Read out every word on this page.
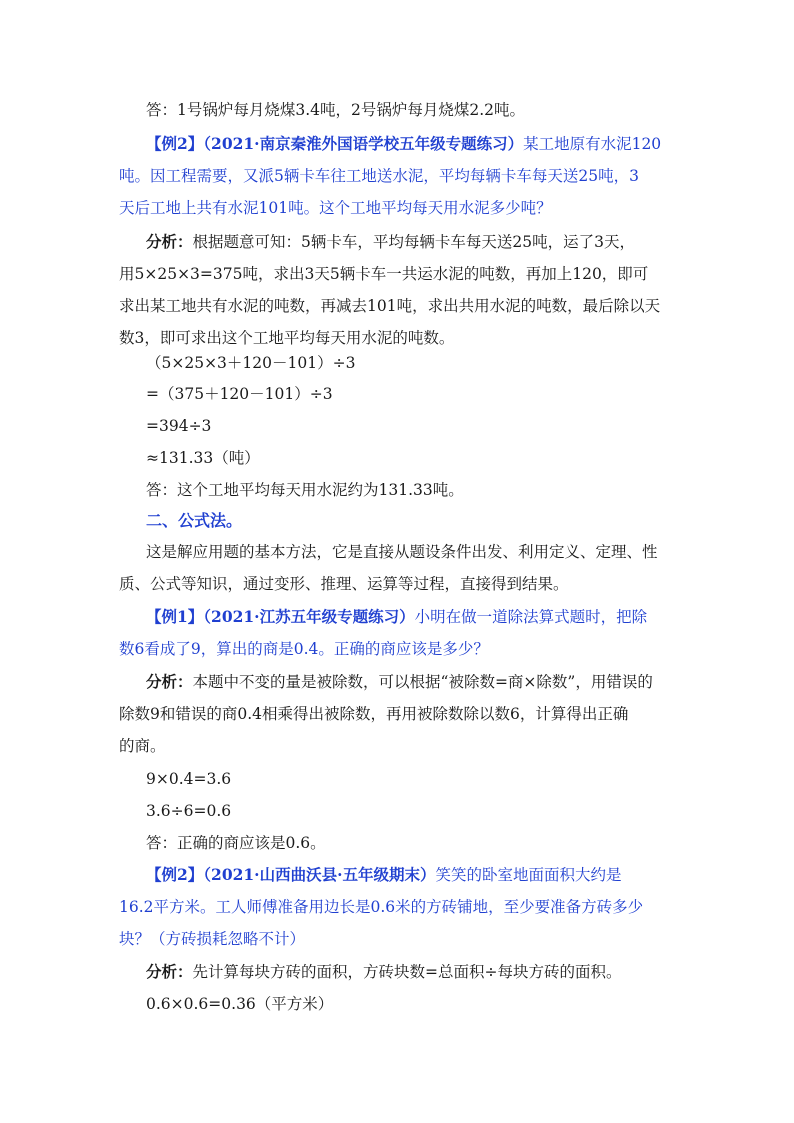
答：1号锅炉每月烧煤3.4吨，2号锅炉每月烧煤2.2吨。
【例2】（2021·南京秦淮外国语学校五年级专题练习）某工地原有水泥120
吨。因工程需要，又派5辆卡车往工地送水泥，平均每辆卡车每天送25吨，3
天后工地上共有水泥101吨。这个工地平均每天用水泥多少吨？
分析：根据题意可知：5辆卡车，平均每辆卡车每天送25吨，运了3天，
用5×25×3=375吨，求出3天5辆卡车一共运水泥的吨数，再加上120，即可
求出某工地共有水泥的吨数，再减去101吨，求出共用水泥的吨数，最后除以天
数3，即可求出这个工地平均每天用水泥的吨数。
（5×25×3＋120－101）÷3
=（375＋120－101）÷3
=394÷3
≈131.33（吨）
答：这个工地平均每天用水泥约为131.33吨。
二、公式法。
这是解应用题的基本方法，它是直接从题设条件出发、利用定义、定理、性
质、公式等知识，通过变形、推理、运算等过程，直接得到结果。
【例1】（2021·江苏五年级专题练习）小明在做一道除法算式题时，把除
数6看成了9，算出的商是0.4。正确的商应该是多少？
分析：本题中不变的量是被除数，可以根据“被除数=商×除数”，用错误的
除数9和错误的商0.4相乘得出被除数，再用被除数除以数6，计算得出正确
的商。
9×0.4=3.6
3.6÷6=0.6
答：正确的商应该是0.6。
【例2】（2021·山西曲沃县·五年级期末）笑笑的卧室地面面积大约是
16.2平方米。工人师傅准备用边长是0.6米的方砖铺地，至少要准备方砖多少
块？（方砖损耗忽略不计）
分析：先计算每块方砖的面积，方砖块数=总面积÷每块方砖的面积。
0.6×0.6=0.36（平方米）
